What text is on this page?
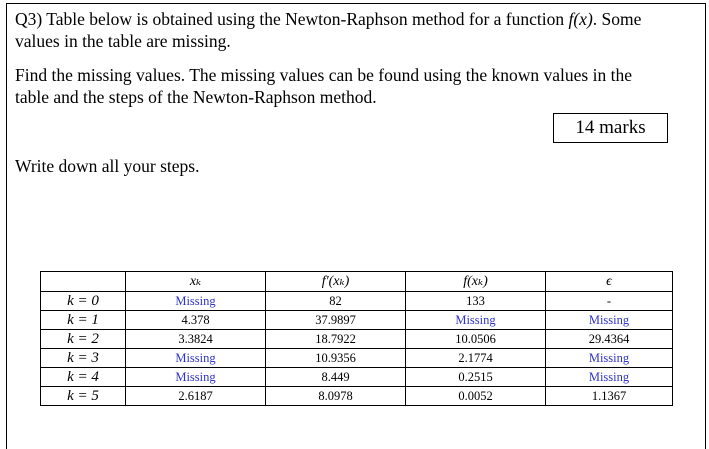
Q3) Table below is obtained using the Newton-Raphson method for a function f(x). Some
values in the table are missing.
Find the missing values. The missing values can be found using the known values in the
table and the steps of the Newton-Raphson method.
14 marks
Write down all your steps.
	xₖ	f′(xₖ)	f(xₖ)	ϵ
k = 0	Missing	82	133	-
k = 1	4.378	37.9897	Missing	Missing
k = 2	3.3824	18.7922	10.0506	29.4364
k = 3	Missing	10.9356	2.1774	Missing
k = 4	Missing	8.449	0.2515	Missing
k = 5	2.6187	8.0978	0.0052	1.1367
